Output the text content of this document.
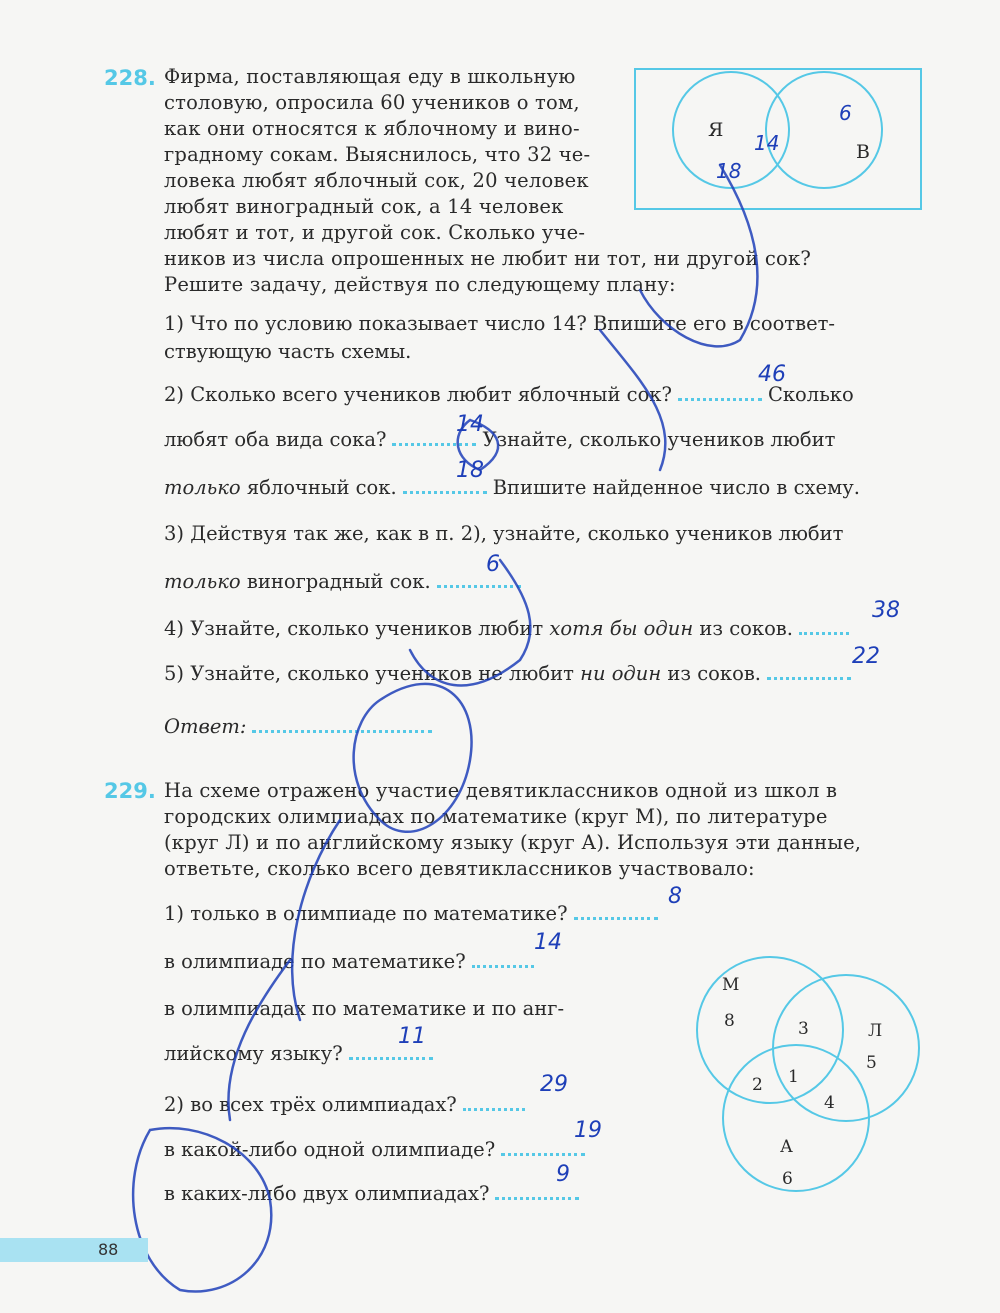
228. Фирма, поставляющая еду в школьную
столовую, опросила 60 учеников о том,
как они относятся к яблочному и вино-
градному сокам. Выяснилось, что 32 че-
ловека любят яблочный сок, 20 человек
любят виноградный сок, а 14 человек
любят и тот, и другой сок. Сколько уче-
ников из числа опрошенных не любит ни тот, ни другой сок?
Решите задачу, действуя по следующему плану:
Я
В
14
18
6
1) Что по условию показывает число 14? Впишите его в соответ-
ствующую часть схемы.
2) Сколько всего учеников любит яблочный сок?	Сколько
46
любят оба вида сока?	Узнайте, сколько учеников любит
14
только яблочный сок.	Впишите найденное число в схему.
18
3) Действуя так же, как в п. 2), узнайте, сколько учеников любит
только виноградный сок.
6
4) Узнайте, сколько учеников любит хотя бы один из соков.
38
5) Узнайте, сколько учеников не любит ни один из соков.
22
Ответ:
229. На схеме отражено участие девятиклассников одной из школ в
городских олимпиадах по математике (круг М), по литературе
(круг Л) и по английскому языку (круг А). Используя эти данные,
ответьте, сколько всего девятиклассников участвовало:
1) только в олимпиаде по математике?
8
в олимпиаде по математике?
14
в олимпиадах по математике и по анг-
лийскому языку?
11
2) во всех трёх олимпиадах?
29
в какой-либо одной олимпиаде?
19
в каких-либо двух олимпиадах?
9
М
Л
А
8	3
5
2 1
4
6
88
